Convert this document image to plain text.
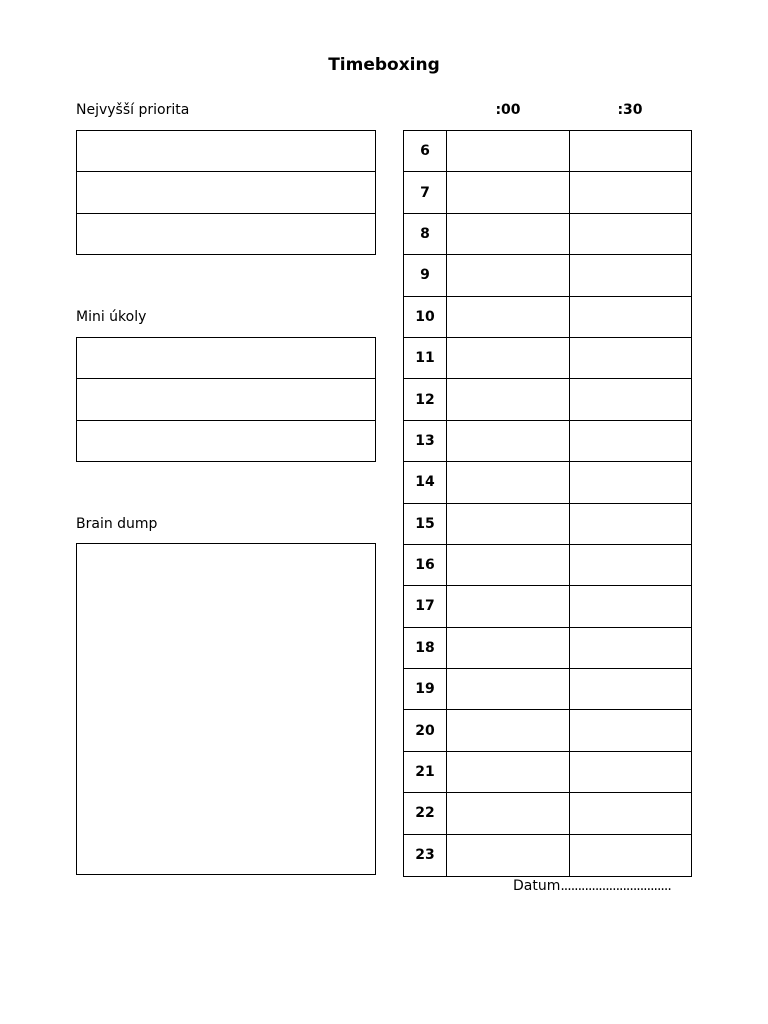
Timeboxing
Nejvyšší priorita
Mini úkoly
Brain dump
:00	:30
6
7
8
9
10
11
12
13
14
15
16
17
18
19
20
21
22
23
Datum................................
